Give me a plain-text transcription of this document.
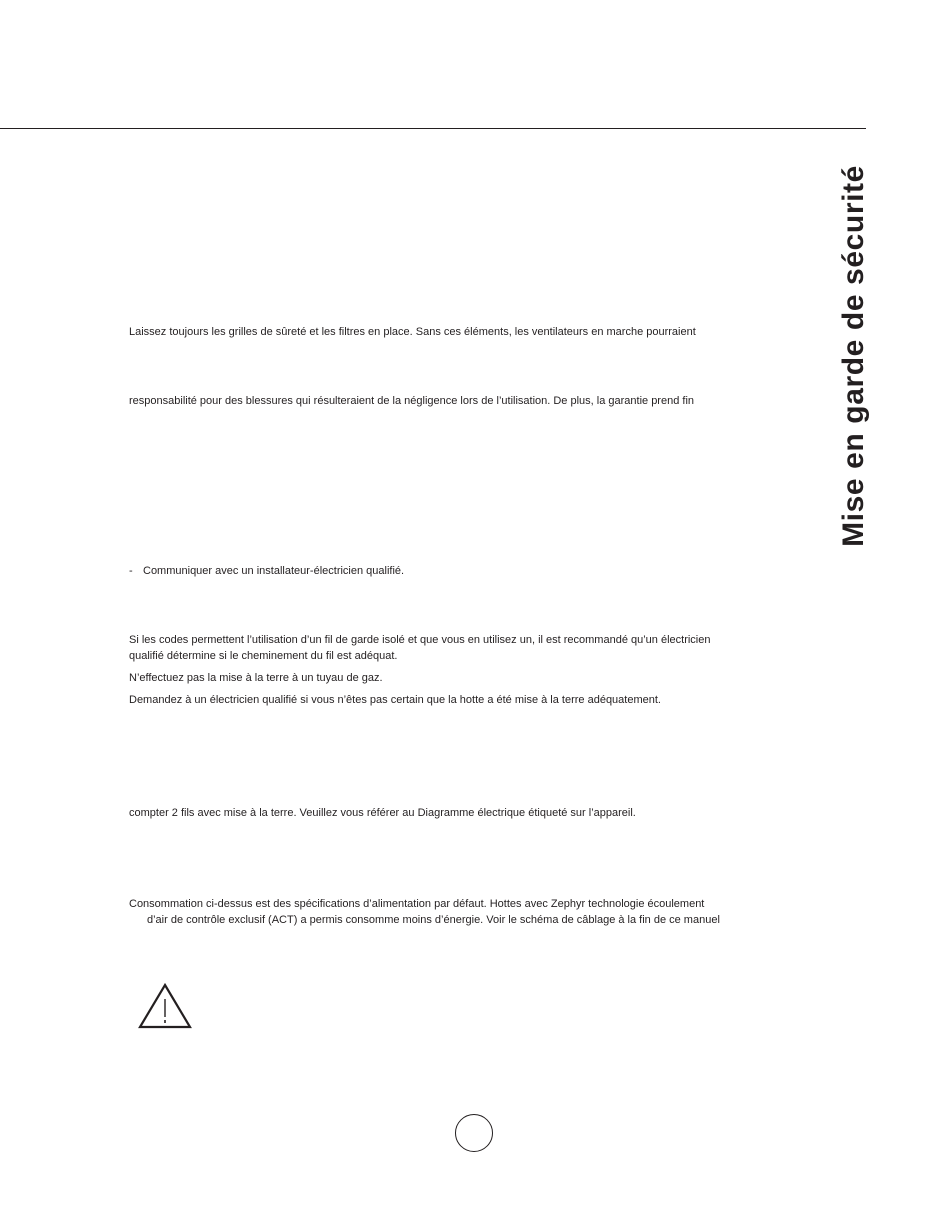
Mise en garde de sécurité
Laissez toujours les grilles de sûreté et les filtres en place. Sans ces éléments, les ventilateurs en marche pourraient
responsabilité pour des blessures qui résulteraient de la négligence lors de l’utilisation. De plus, la garantie prend fin
- Communiquer avec un installateur-électricien qualifié.
Si les codes permettent l’utilisation d’un fil de garde isolé et que vous en utilisez un, il est recommandé qu’un électricien
qualifié détermine si le cheminement du fil est adéquat.
N’effectuez pas la mise à la terre à un tuyau de gaz.
Demandez à un électricien qualifié si vous n’êtes pas certain que la hotte a été mise à la terre adéquatement.
compter 2 fils avec mise à la terre. Veuillez vous référer au Diagramme électrique étiqueté sur l’appareil.
Consommation ci-dessus est des spécifications d’alimentation par défaut. Hottes avec Zephyr technologie écoulement
d’air de contrôle exclusif (ACT) a permis consomme moins d’énergie. Voir le schéma de câblage à la fin de ce manuel
